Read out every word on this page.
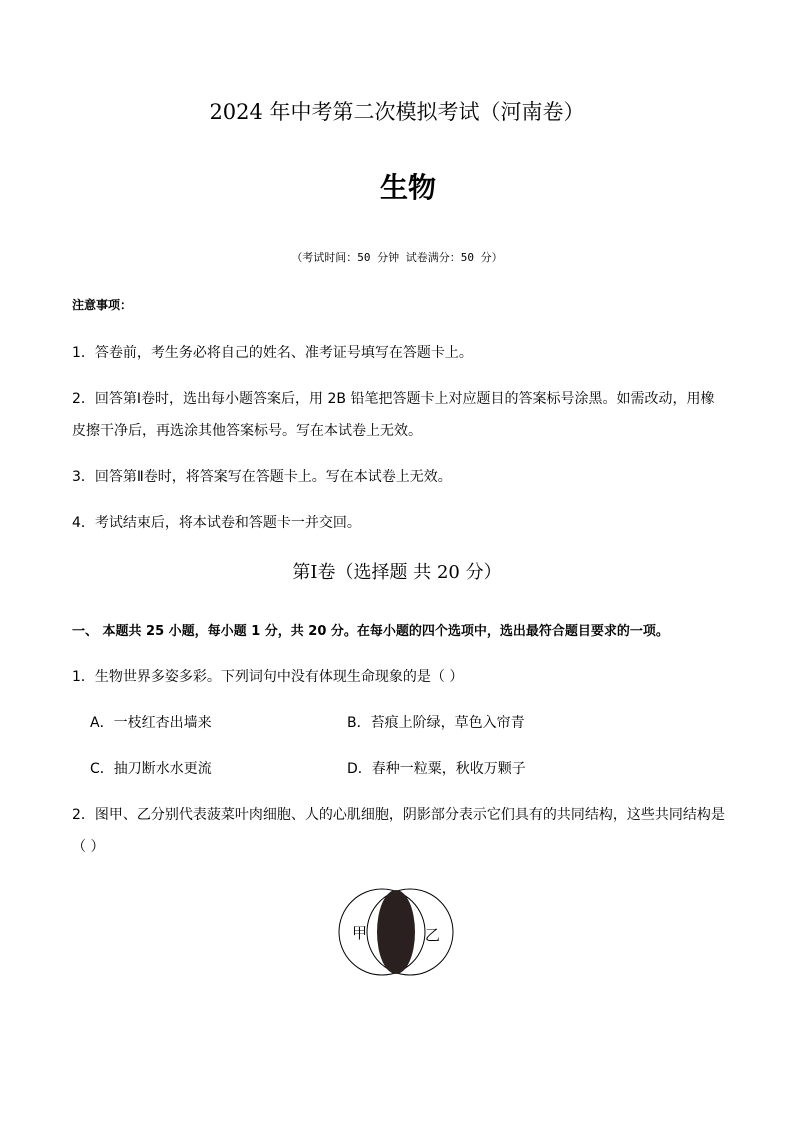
2024 年中考第二次模拟考试（河南卷）
生物
（考试时间：50 分钟 试卷满分：50 分）
注意事项：
1．答卷前，考生务必将自己的姓名、准考证号填写在答题卡上。
2．回答第Ⅰ卷时，选出每小题答案后，用 2B 铅笔把答题卡上对应题目的答案标号涂黑。如需改动，用橡
皮擦干净后，再选涂其他答案标号。写在本试卷上无效。
3．回答第Ⅱ卷时，将答案写在答题卡上。写在本试卷上无效。
4．考试结束后，将本试卷和答题卡一并交回。
第Ⅰ卷（选择题 共 20 分）
一、 本题共 25 小题，每小题 1 分，共 20 分。在每小题的四个选项中，选出最符合题目要求的一项。
1．生物世界多姿多彩。下列词句中没有体现生命现象的是（ ）
A．一枝红杏出墙来	B．苔痕上阶绿，草色入帘青
C．抽刀断水水更流	D．春种一粒粟，秋收万颗子
2．图甲、乙分别代表菠菜叶肉细胞、人的心肌细胞，阴影部分表示它们具有的共同结构，这些共同结构是
（ ）
甲	乙
